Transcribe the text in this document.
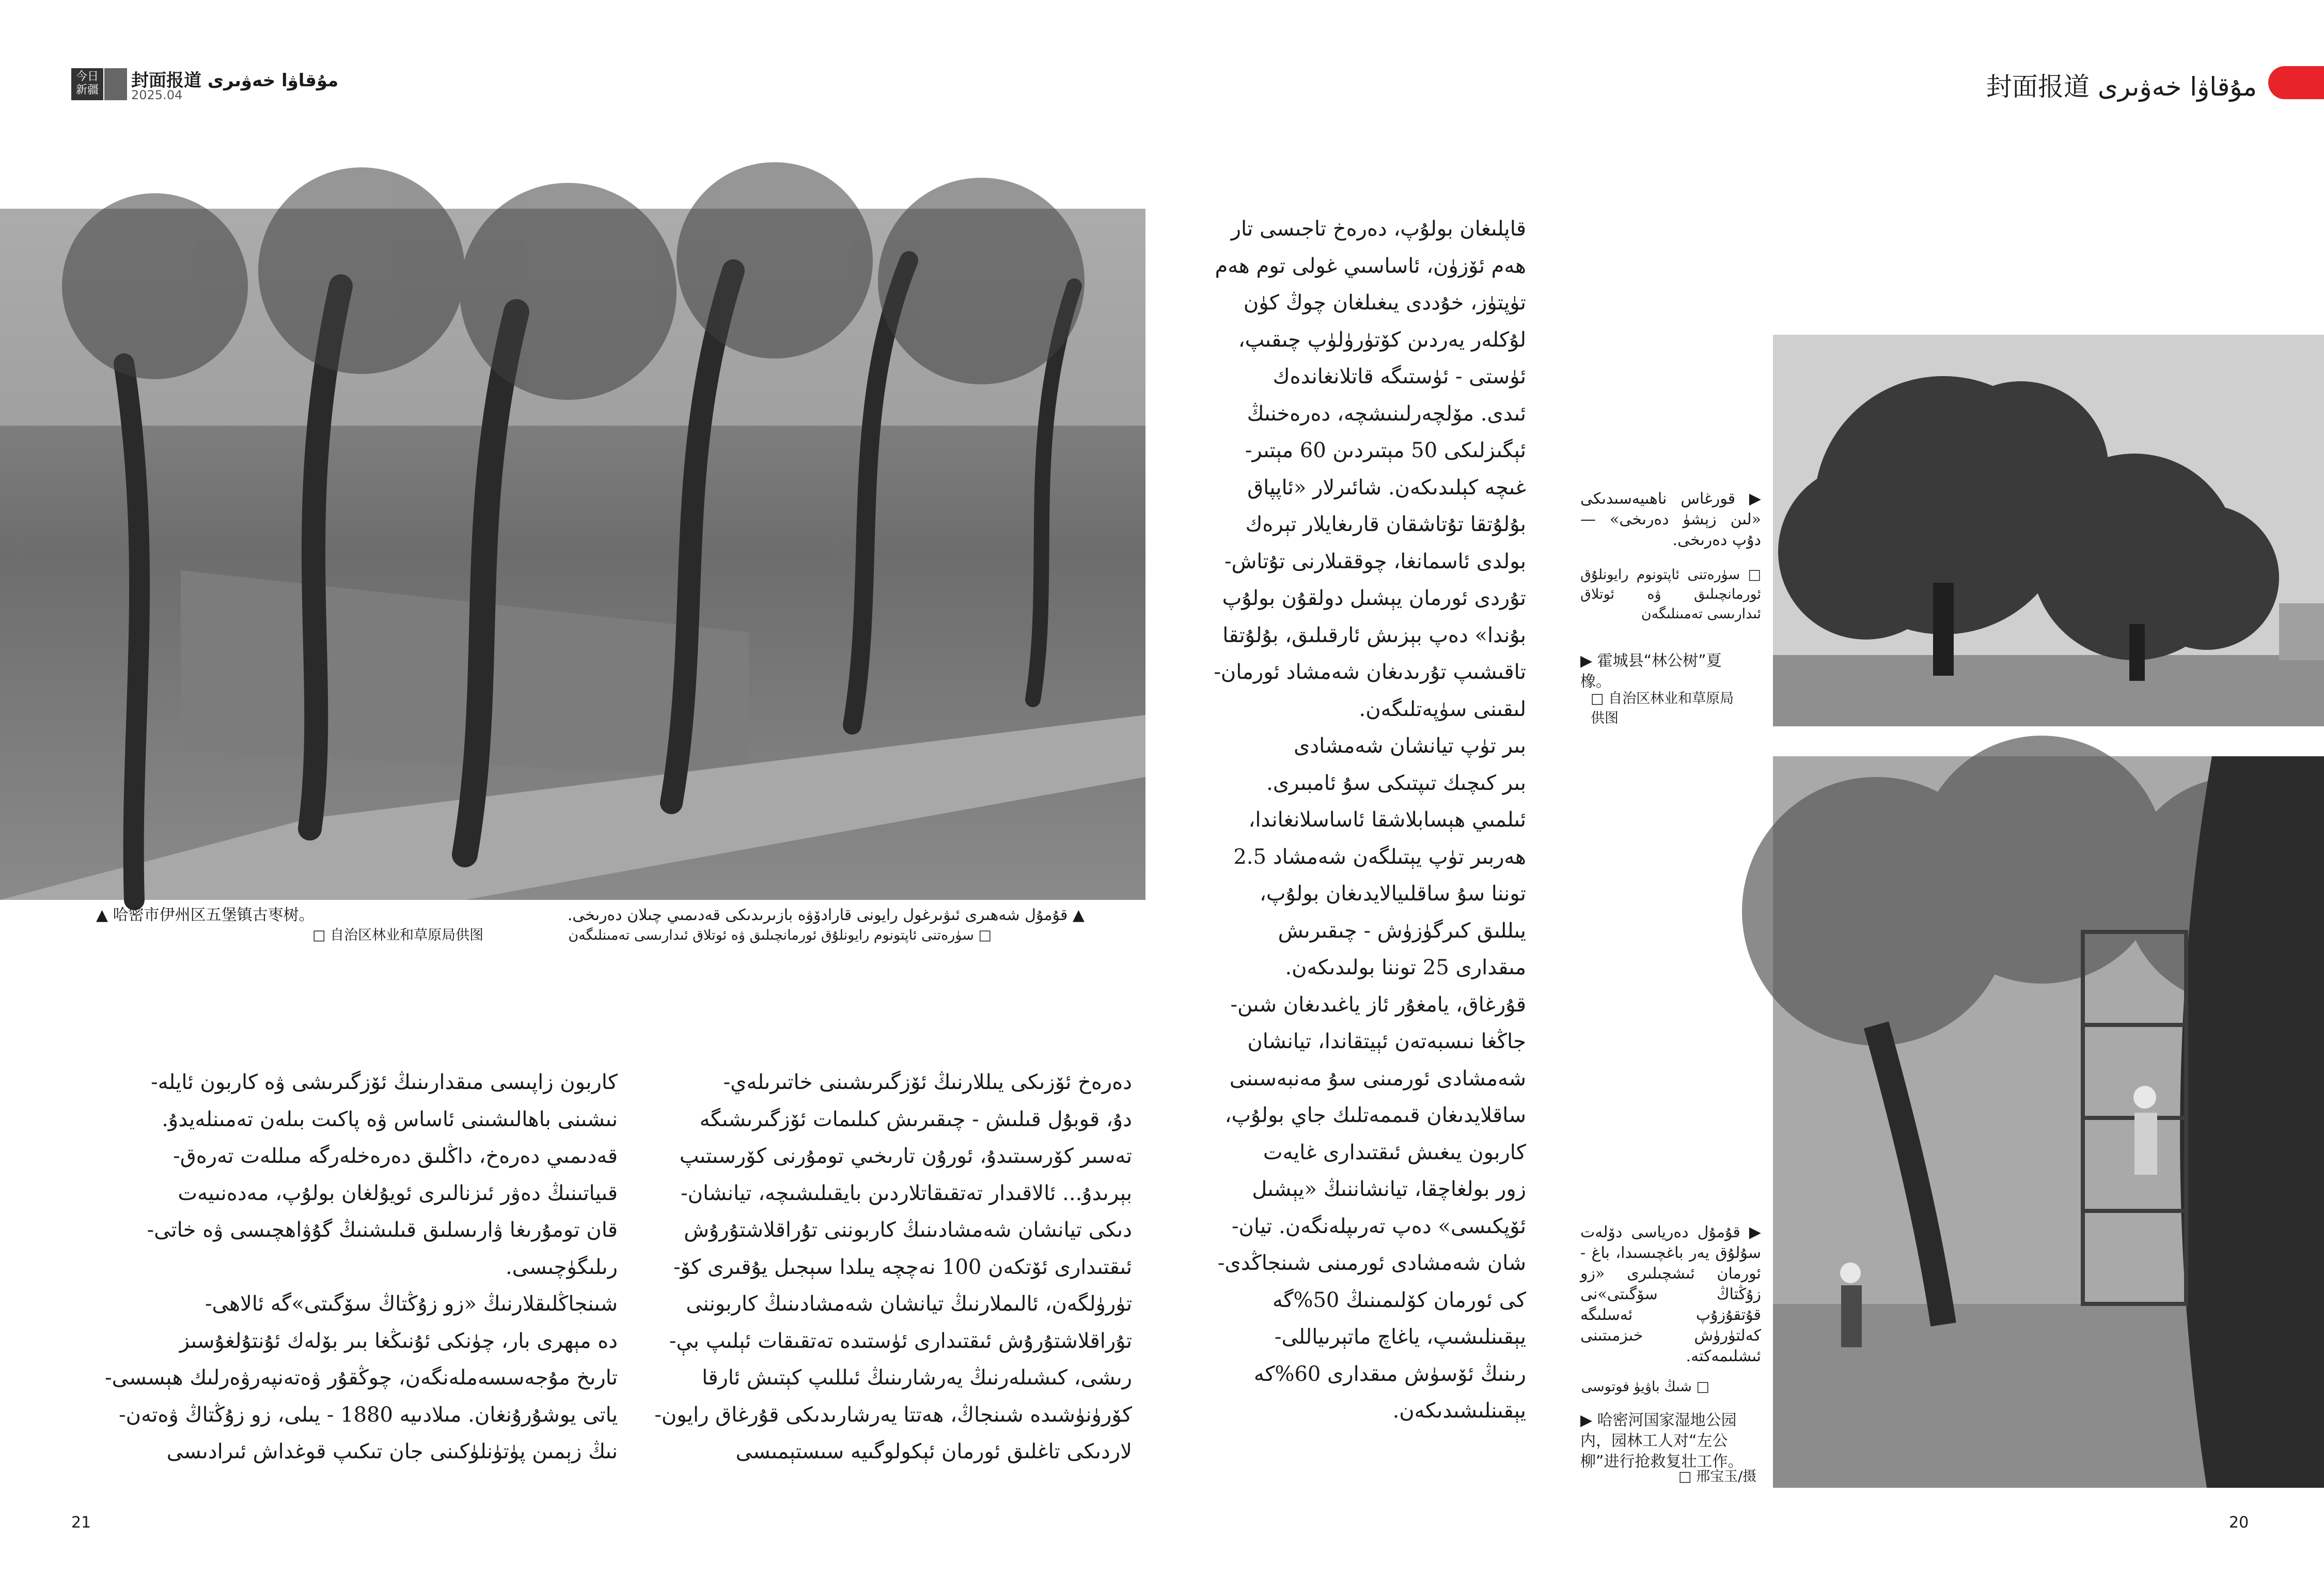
今日新疆 封面报道 مۇقاۋا خەۋىرى
2025.04	封面报道 مۇقاۋا خەۋىرى
▲ 哈密市伊州区五堡镇古枣树。
□ 自治区林业和草原局供图
▲ قۇمۇل شەھىرى ئىۋىرغول رايونى قارادۆۋە بازىرىدىكى قەدىمىي چىلان دەرىخى.
□ سۈرەتنى ئاپتونوم رايونلۇق ئورمانچىلىق ۋە ئوتلاق ئىدارىسى تەمىنلىگەن
▶ قورغاس ناھىيەسىدىكى «لىن زېشۈ دەرىخى» — دۇپ دەرىخى.
□ سۈرەتنى ئاپتونوم رايونلۇق ئورمانچىلىق ۋە ئوتلاق ئىدارىسى تەمىنلىگەن
▶ 霍城县“林公树”夏橡。
□ 自治区林业和草原局供图
▶ قۇمۇل دەرياسى دۆلەت سۇلۇق يەر باغچىسىدا، باغ - ئورمان ئىشچىلىرى «زو زۇڭتاڭ سۆگىتى»نى قۇتقۇزۇپ ئەسلىگە كەلتۈرۈش خىزمىتىنى ئىشلىمەكتە.
□ شىڭ باۋيۈ فوتوسى
▶ 哈密河国家湿地公园内，园林工人对“左公柳”进行抢救复壮工作。
□ 邢宝玉/摄
قاپلىغان بولۇپ، دەرەخ تاجىسى تار
ھەم ئۆزۈن، ئاساسىي غولى توم ھەم
تۈپتۈز، خۇددى يىغىلغان چوڭ كۈن
لۇكلەر يەردىن كۆتۈرۈلۈپ چىقىپ،
ئۈستى - ئۈستىگە قاتلانغاندەك
ئىدى. مۆلچەرلىنىشچە، دەرەخنىڭ
ئېگىزلىكى 50 مېتىردىن 60 مېتىر-
غىچە كېلىدىكەن. شائىرلار «ئاپپاق
بۇلۇتقا تۇتاشقان قارىغايلار تېرەك
بولدى ئاسمانغا، چوققىلارنى تۇتاش-
تۇردى ئورمان يېشىل دولقۇن بولۇپ
بۇندا» دەپ بېزىش ئارقىلىق، بۇلۇتقا
تاقىشىپ تۇرىدىغان شەمشاد ئورمان-
لىقىنى سۈپەتلىگەن.
بىر تۈپ تيانشان شەمشادى
بىر كىچىك تىپتىكى سۇ ئامبىرى.
ئىلمىي ھېسابلاشقا ئاساسلانغاندا،
ھەربىر تۈپ يېتىلگەن شەمشاد 2.5
توننا سۇ ساقلىيالايدىغان بولۇپ،
يىللىق كىرگۈزۈش - چىقىرىش
مىقدارى 25 توننا بولىدىكەن.
قۇرغاق، يامغۇر ئاز ياغىدىغان شىن-
جاڭغا نىسبەتەن ئېيتقاندا، تيانشان
شەمشادى ئورمىنى سۇ مەنبەسىنى
ساقلايدىغان قىممەتلىك جاي بولۇپ،
كاربون يىغىش ئىقتىدارى غايەت
زور بولغاچقا، تيانشاننىڭ «يېشىل
ئۆپكىسى» دەپ تەرىپلەنگەن. تيان-
شان شەمشادى ئورمىنى شىنجاڭدى-
كى ئورمان كۆلىمىنىڭ 50%گە
يېقىنلىشىپ، ياغاچ ماتېرىياللى-
رىنىڭ ئۆسۈش مىقدارى 60%كە
يېقىنلىشىدىكەن.
دەرەخ ئۆزىكى يىللارنىڭ ئۆزگىرىشىنى خاتىرىلەي-
دۇ، قوبۇل قىلىش - چىقىرىش كىلىمات ئۆزگىرىشىگە
تەسىر كۆرسىتىدۇ، ئورۇن تارىخىي تومۇرنى كۆرسىتىپ
بېرىدۇ... ئالاقىدار تەتقىقاتلاردىن بايقىلىشىچە، تيانشان-
دىكى تيانشان شەمشادىنىڭ كاربوننى تۇراقلاشتۇرۇش
ئىقتىدارى ئۆتكەن 100 نەچچە يىلدا سېجىل يۇقىرى كۆ-
تۈرۈلگەن، ئالىملارنىڭ تيانشان شەمشادىنىڭ كاربوننى
تۇراقلاشتۇرۇش ئىقتىدارى ئۈستىدە تەتقىقات ئېلىپ بې-
رىشى، كىشىلەرنىڭ يەرشارىنىڭ ئىللىپ كېتىش ئارقا
كۆرۈنۈشىدە شىنجاڭ، ھەتتا يەرشارىدىكى قۇرغاق رايون-
لاردىكى تاغلىق ئورمان ئېكولوگىيە سىستېمىسى
كاربون زاپىسى مىقدارىنىڭ ئۆزگىرىشى ۋە كاربون ئايلە-
نىشىنى باھالىشىنى ئاساس ۋە پاكىت بىلەن تەمىنلەيدۇ.
قەدىمىي دەرەخ، داڭلىق دەرەخلەرگە مىللەت تەرەق-
قىياتىنىڭ دەۋر ئىزنالىرى ئويۇلغان بولۇپ، مەدەنىيەت
قان تومۇرىغا ۋارىسلىق قىلىشنىڭ گۇۋاھچىسى ۋە خاتى-
رىلىگۈچىسى.
شىنجاڭلىقلارنىڭ «زو زۇڭتاڭ سۆگىتى»گە ئالاھى-
دە مېھرى بار، چۈنكى ئۇنىڭغا بىر بۆلەك ئۇنتۇلغۇسىز
تارىخ مۇجەسسەملەنگەن، چوڭقۇر ۋەتەنپەرۋەرلىك ھېسسى-
ياتى يوشۇرۇنغان. مىلادىيە 1880 - يىلى، زو زۇڭتاڭ ۋەتەن-
نىڭ زېمىن پۈتۈنلۈكىنى جان تىكىپ قوغداش ئىرادىسى
21	20
